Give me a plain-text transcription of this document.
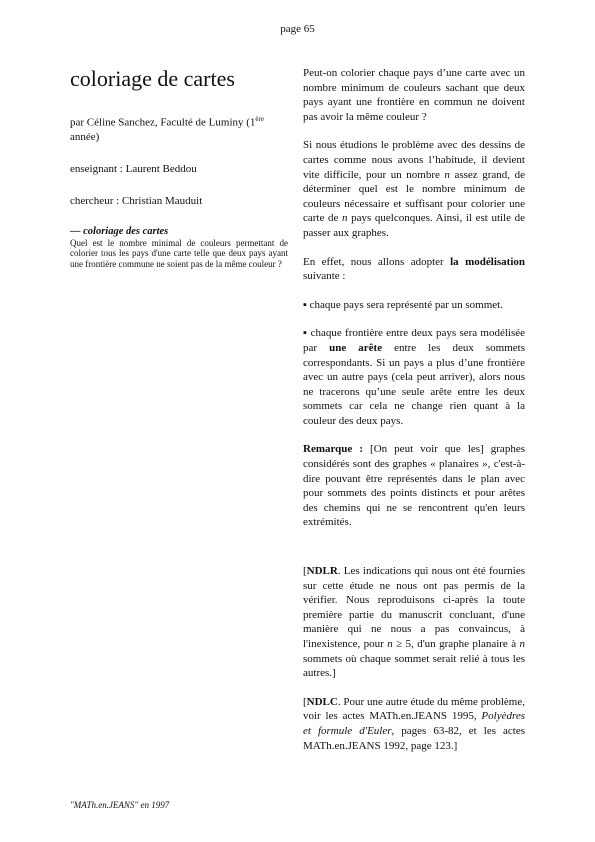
page 65
coloriage de cartes

par Céline Sanchez, Faculté de Luminy (1ère année)

enseignant : Laurent Beddou

chercheur : Christian Mauduit

— coloriage des cartes

Quel est le nombre minimal de couleurs permettant de colorier tous les pays d'une carte telle que deux pays ayant une frontière commune ne soient pas de la même couleur ?

Peut-on colorier chaque pays d’une carte avec un nombre minimum de couleurs sachant que deux pays ayant une frontière en commun ne doivent pas avoir la même couleur ?

Si nous étudions le problème avec des dessins de cartes comme nous avons l’habitude, il devient vite difficile, pour un nombre n assez grand, de déterminer quel est le nombre minimum de couleurs nécessaire et suffisant pour colorier une carte de n pays quelconques. Ainsi, il est utile de passer aux graphes.

En effet, nous allons adopter la modélisation suivante :

▪ chaque pays sera représenté par un sommet.

▪ chaque frontière entre deux pays sera modélisée par une arête entre les deux sommets correspondants. Si un pays a plus d’une frontière avec un autre pays (cela peut arriver), alors nous ne tracerons qu’une seule arête entre les deux sommets car cela ne change rien quant à la couleur des deux pays.

Remarque : [On peut voir que les] graphes considérés sont des graphes « planaires », c'est-à-dire pouvant être représentés dans le plan avec pour sommets des points distincts et pour arêtes des chemins qui ne se rencontrent qu'en leurs extrémités.

[NDLR. Les indications qui nous ont été fournies sur cette étude ne nous ont pas permis de la vérifier. Nous reproduisons ci-après la toute première partie du manuscrit concluant, d'une manière qui ne nous a pas convaincus, à l'inexistence, pour n ≥ 5, d'un graphe planaire à n sommets où chaque sommet serait relié à tous les autres.]

[NDLC. Pour une autre étude du même problème, voir les actes MATh.en.JEANS 1995, Polyèdres et formule d'Euler, pages 63-82, et les actes MATh.en.JEANS 1992, page 123.]

"MATh.en.JEANS" en 1997
